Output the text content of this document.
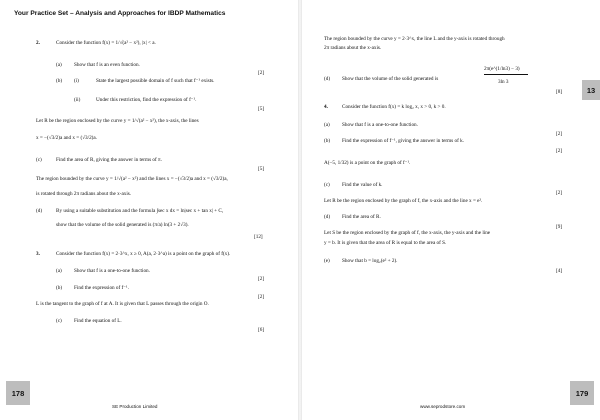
Your Practice Set – Analysis and Approaches for IBDP Mathematics
2.	Consider the function f(x) = 1/√(a² − x²), |x| < a.
(a) Show that f is an even function.
[2]
(b) (i)	State the largest possible domain of f such that f⁻¹ exists.
(ii)	Under this restriction, find the expression of f⁻¹.
[5]
Let R be the region enclosed by the curve y = 1/√(a² − x²), the x-axis, the lines
x = −(√3/2)a and x = (√3/2)a.
(c)	Find the area of R, giving the answer in terms of π.
[5]
The region bounded by the curve y = 1/√(a² − x²) and the lines x = −(√3/2)a and x = (√3/2)a,
is rotated through 2π radians about the x-axis.
(d)	By using a suitable substitution and the formula ∫sec x dx = ln|sec x + tan x| + C,
show that the volume of the solid generated is (π/a) ln(3 + 2√3).
[12]
3.	Consider the function f(x) = 2·3^x, x ≥ 0, A(a, 2·3^a) is a point on the graph of f(x).
(a) Show that f is a one-to-one function.
[2]
(b) Find the expression of f⁻¹.
[2]
L is the tangent to the graph of f at A. It is given that L passes through the origin O.
(c) Find the equation of L.
[6]
178
SE Production Limited
The region bounded by the curve y = 2·3^x, the line L and the y-axis is rotated through
2π radians about the x-axis.
(d) Show that the volume of the solid generated is
2π(e^(1/ln3) − 3)
3ln 3
[8]
4.	Consider the function f(x) = k log₂ x, x > 0, k > 0.
(a) Show that f is a one-to-one function.
[2]
(b) Find the expression of f⁻¹, giving the answer in terms of k.
[2]
A(−5, 1/32) is a point on the graph of f⁻¹.
(c) Find the value of k.
[2]
Let R be the region enclosed by the graph of f, the x-axis and the line x = e².
(d) Find the area of R.
[9]
Let S be the region enclosed by the graph of f, the x-axis, the y-axis and the line
y = b. It is given that the area of R is equal to the area of S.
(e) Show that b = log₂(e² + 2).
[4]
13
179
www.seprodstore.com
